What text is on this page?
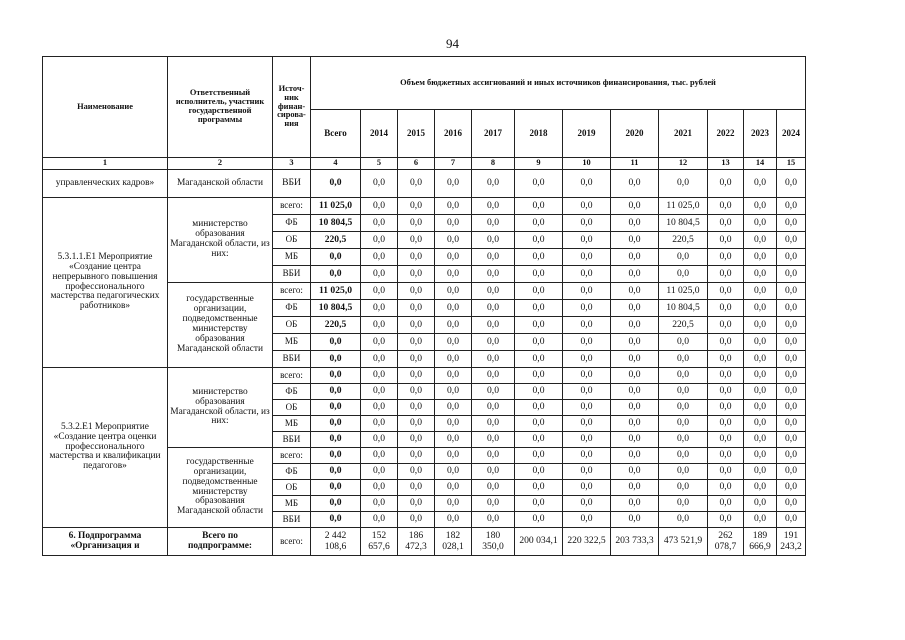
94
Наименование	Ответственный исполнитель, участник государственной программы	Источ-ник финан-сирова-ния	Объем бюджетных ассигнований и иных источников финансирования, тыс. рублей											
			Всего	2014	2015	2016	2017	2018	2019	2020	2021	2022	2023	2024
1	2	3	4	5	6	7	8	9	10	11	12	13	14	15
управленческих кадров»	Магаданской области	ВБИ	0,0	0,0	0,0	0,0	0,0	0,0	0,0	0,0	0,0	0,0	0,0	0,0
5.3.1.1.Е1 Мероприятие «Создание центра непрерывного повышения профессионального мастерства педагогических работников»	министерство образования Магаданской области, из них:	всего:	11 025,0	0,0	0,0	0,0	0,0	0,0	0,0	0,0	11 025,0	0,0	0,0	0,0
		ФБ	10 804,5	0,0	0,0	0,0	0,0	0,0	0,0	0,0	10 804,5	0,0	0,0	0,0
		ОБ	220,5	0,0	0,0	0,0	0,0	0,0	0,0	0,0	220,5	0,0	0,0	0,0
		МБ	0,0	0,0	0,0	0,0	0,0	0,0	0,0	0,0	0,0	0,0	0,0	0,0
		ВБИ	0,0	0,0	0,0	0,0	0,0	0,0	0,0	0,0	0,0	0,0	0,0	0,0
	государственные организации, подведомственные министерству образования Магаданской области	всего:	11 025,0	0,0	0,0	0,0	0,0	0,0	0,0	0,0	11 025,0	0,0	0,0	0,0
		ФБ	10 804,5	0,0	0,0	0,0	0,0	0,0	0,0	0,0	10 804,5	0,0	0,0	0,0
		ОБ	220,5	0,0	0,0	0,0	0,0	0,0	0,0	0,0	220,5	0,0	0,0	0,0
		МБ	0,0	0,0	0,0	0,0	0,0	0,0	0,0	0,0	0,0	0,0	0,0	0,0
		ВБИ	0,0	0,0	0,0	0,0	0,0	0,0	0,0	0,0	0,0	0,0	0,0	0,0
5.3.2.Е1 Мероприятие «Создание центра оценки профессионального мастерства и квалификации педагогов»	министерство образования Магаданской области, из них:	всего:	0,0	0,0	0,0	0,0	0,0	0,0	0,0	0,0	0,0	0,0	0,0	0,0
		ФБ	0,0	0,0	0,0	0,0	0,0	0,0	0,0	0,0	0,0	0,0	0,0	0,0
		ОБ	0,0	0,0	0,0	0,0	0,0	0,0	0,0	0,0	0,0	0,0	0,0	0,0
		МБ	0,0	0,0	0,0	0,0	0,0	0,0	0,0	0,0	0,0	0,0	0,0	0,0
		ВБИ	0,0	0,0	0,0	0,0	0,0	0,0	0,0	0,0	0,0	0,0	0,0	0,0
	государственные организации, подведомственные министерству образования Магаданской области	всего:	0,0	0,0	0,0	0,0	0,0	0,0	0,0	0,0	0,0	0,0	0,0	0,0
		ФБ	0,0	0,0	0,0	0,0	0,0	0,0	0,0	0,0	0,0	0,0	0,0	0,0
		ОБ	0,0	0,0	0,0	0,0	0,0	0,0	0,0	0,0	0,0	0,0	0,0	0,0
		МБ	0,0	0,0	0,0	0,0	0,0	0,0	0,0	0,0	0,0	0,0	0,0	0,0
		ВБИ	0,0	0,0	0,0	0,0	0,0	0,0	0,0	0,0	0,0	0,0	0,0	0,0
6. Подпрограмма «Организация и	Всего по подпрограмме:	всего:	2 442 108,6	152 657,6	186 472,3	182 028,1	180 350,0	200 034,1	220 322,5	203 733,3	473 521,9	262 078,7	189 666,9	191 243,2
